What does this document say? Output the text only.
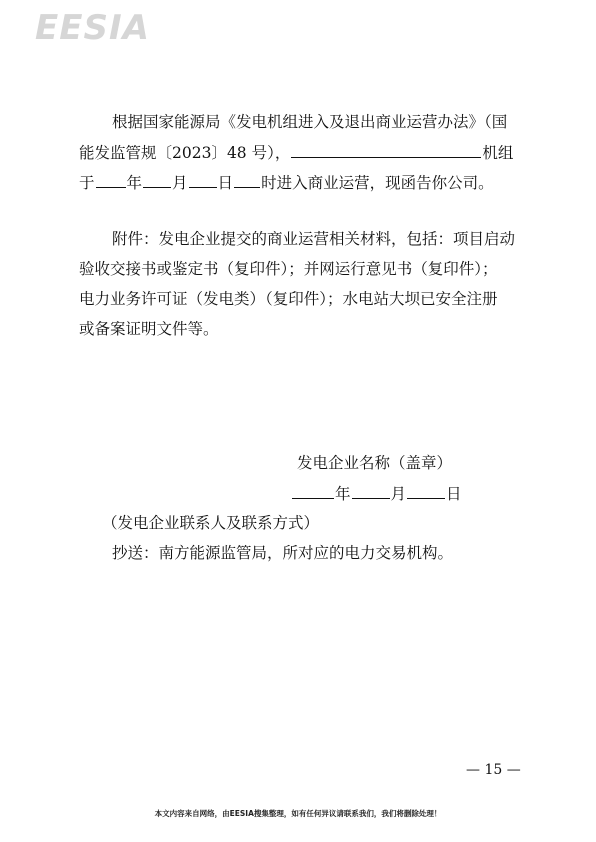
EESIA
根据国家能源局《发电机组进入及退出商业运营办法》（国
能发监管规〔2023〕48 号），	机组
于 年 月 日 时进入商业运营，现函告你公司。
附件：发电企业提交的商业运营相关材料，包括：项目启动
验收交接书或鉴定书（复印件）；并网运行意见书（复印件）；
电力业务许可证（发电类）（复印件）；水电站大坝已安全注册
或备案证明文件等。
发电企业名称（盖章）
年	月	日
（发电企业联系人及联系方式）
抄送：南方能源监管局，所对应的电力交易机构。
— 15 —
本文内容来自网络，由EESIA搜集整理，如有任何异议请联系我们，我们将删除处理！
